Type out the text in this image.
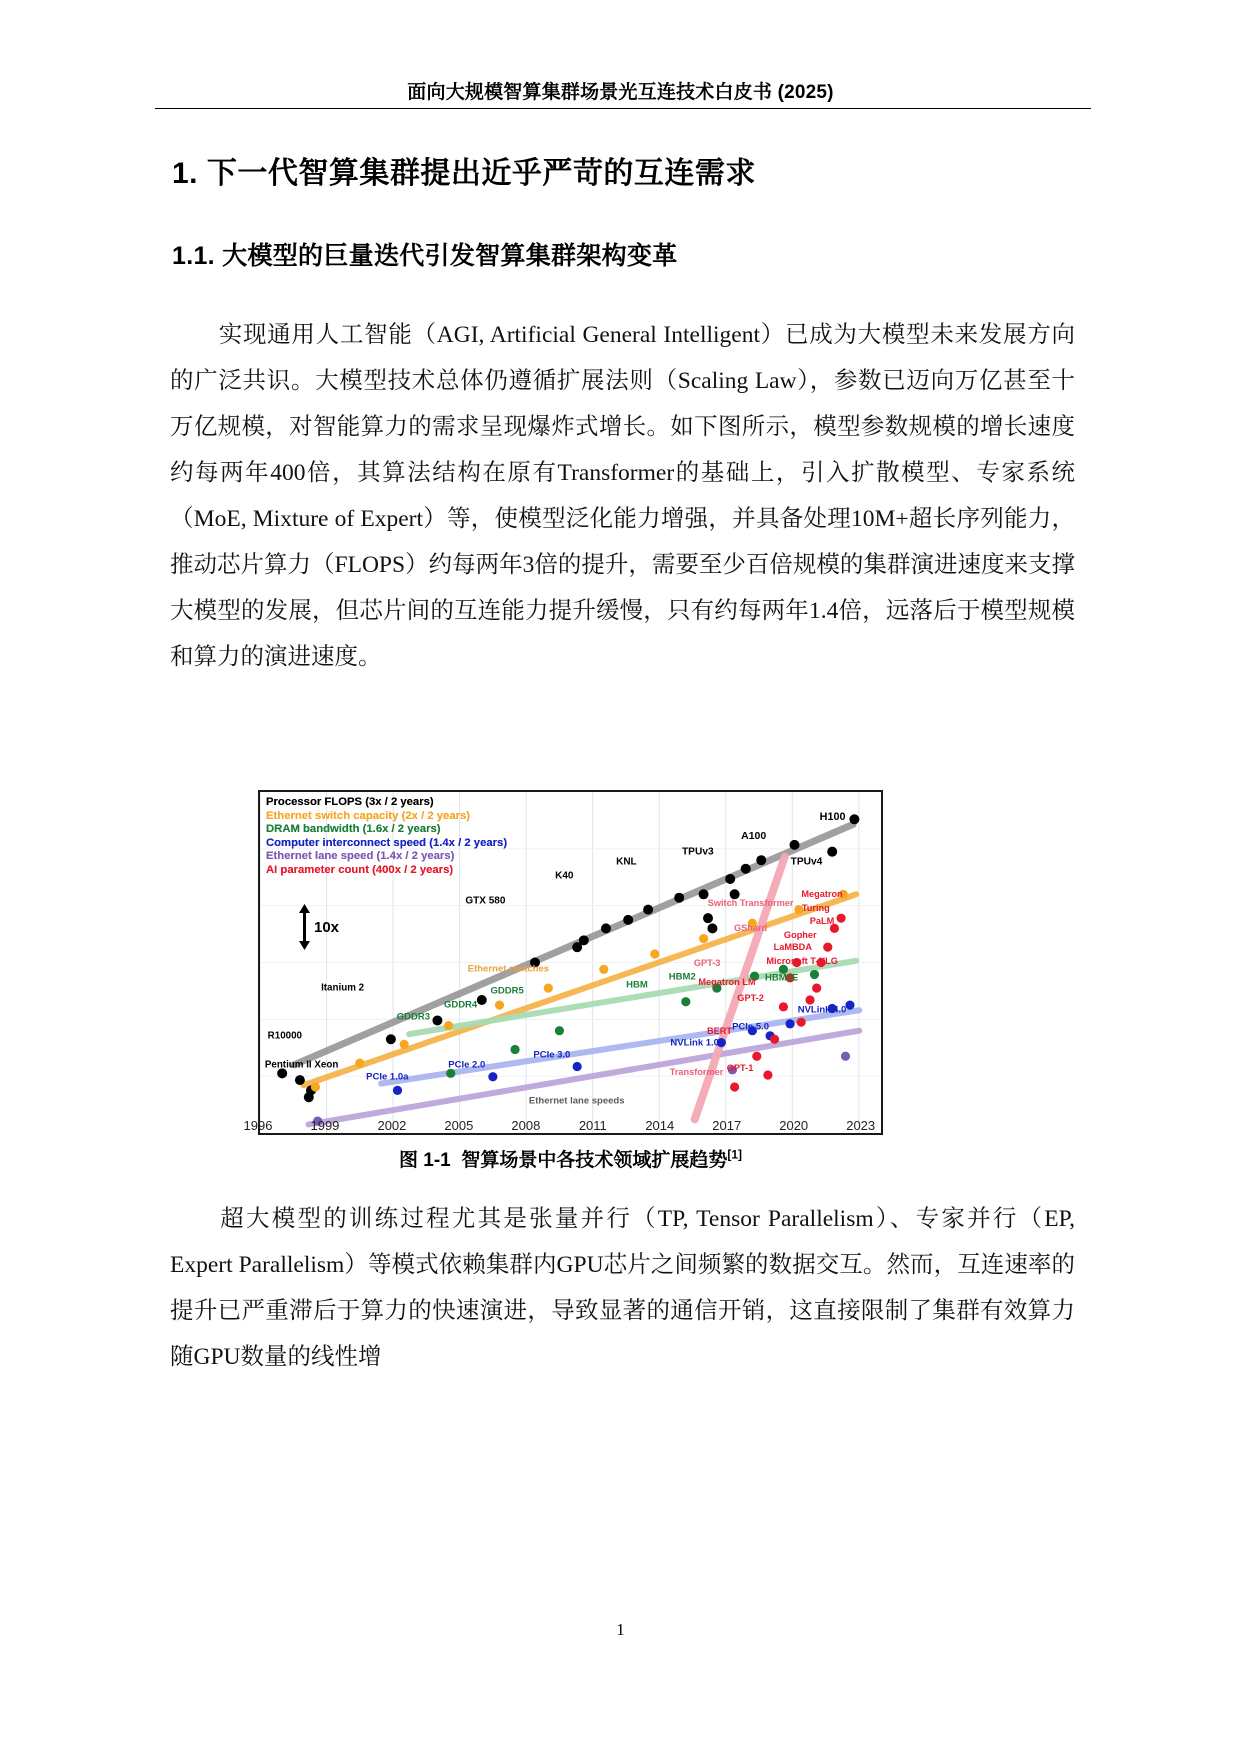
面向大规模智算集群场景光互连技术白皮书 (2025)
1. 下一代智算集群提出近乎严苛的互连需求
1.1. 大模型的巨量迭代引发智算集群架构变革
实现通用人工智能（AGI, Artificial General Intelligent）已成为大模型未来发展方向的广泛共识。大模型技术总体仍遵循扩展法则（Scaling Law），参数已迈向万亿甚至十万亿规模，对智能算力的需求呈现爆炸式增长。如下图所示，模型参数规模的增长速度约每两年400倍，其算法结构在原有Transformer的基础上，引入扩散模型、专家系统（MoE, Mixture of Expert）等，使模型泛化能力增强，并具备处理10M+超长序列能力，推动芯片算力（FLOPS）约每两年3倍的提升，需要至少百倍规模的集群演进速度来支撑大模型的发展，但芯片间的互连能力提升缓慢，只有约每两年1.4倍，远落后于模型规模和算力的演进速度。
Processor FLOPS (3x / 2 years)
Ethernet switch capacity (2x / 2 years)
DRAM bandwidth (1.6x / 2 years)
Computer interconnect speed (1.4x / 2 years)
Ethernet lane speed (1.4x / 2 years)
AI parameter count (400x / 2 years)
10x
H100
A100
TPUv4
TPUv3
KNL
K40
GTX 580
Itanium 2
R10000
Pentium II Xeon
Ethernet switches
GDDR3
GDDR4
GDDR5
HBM
HBM2	HBM2E
PCIe 1.0a
PCIe 2.0
PCIe 3.0
PCIe 5.0
NVLink 1.0
NVLink 4.0
Ethernet lane speeds
Transformer GPT-1
BERT
GPT-2
GPT-3
GShard
Switch Transformer
Microsoft T-NLG
LaMBDA
Gopher
Megatron LM
PaLM
Turing
Megatron
1996	1999	2002	2005	2008	2011	2014	2017	2020	2023
图 1-1 智算场景中各技术领域扩展趋势[1]
超大模型的训练过程尤其是张量并行（TP, Tensor Parallelism）、专家并行（EP, Expert Parallelism）等模式依赖集群内GPU芯片之间频繁的数据交互。然而，互连速率的提升已严重滞后于算力的快速演进，导致显著的通信开销，这直接限制了集群有效算力随GPU数量的线性增
1
